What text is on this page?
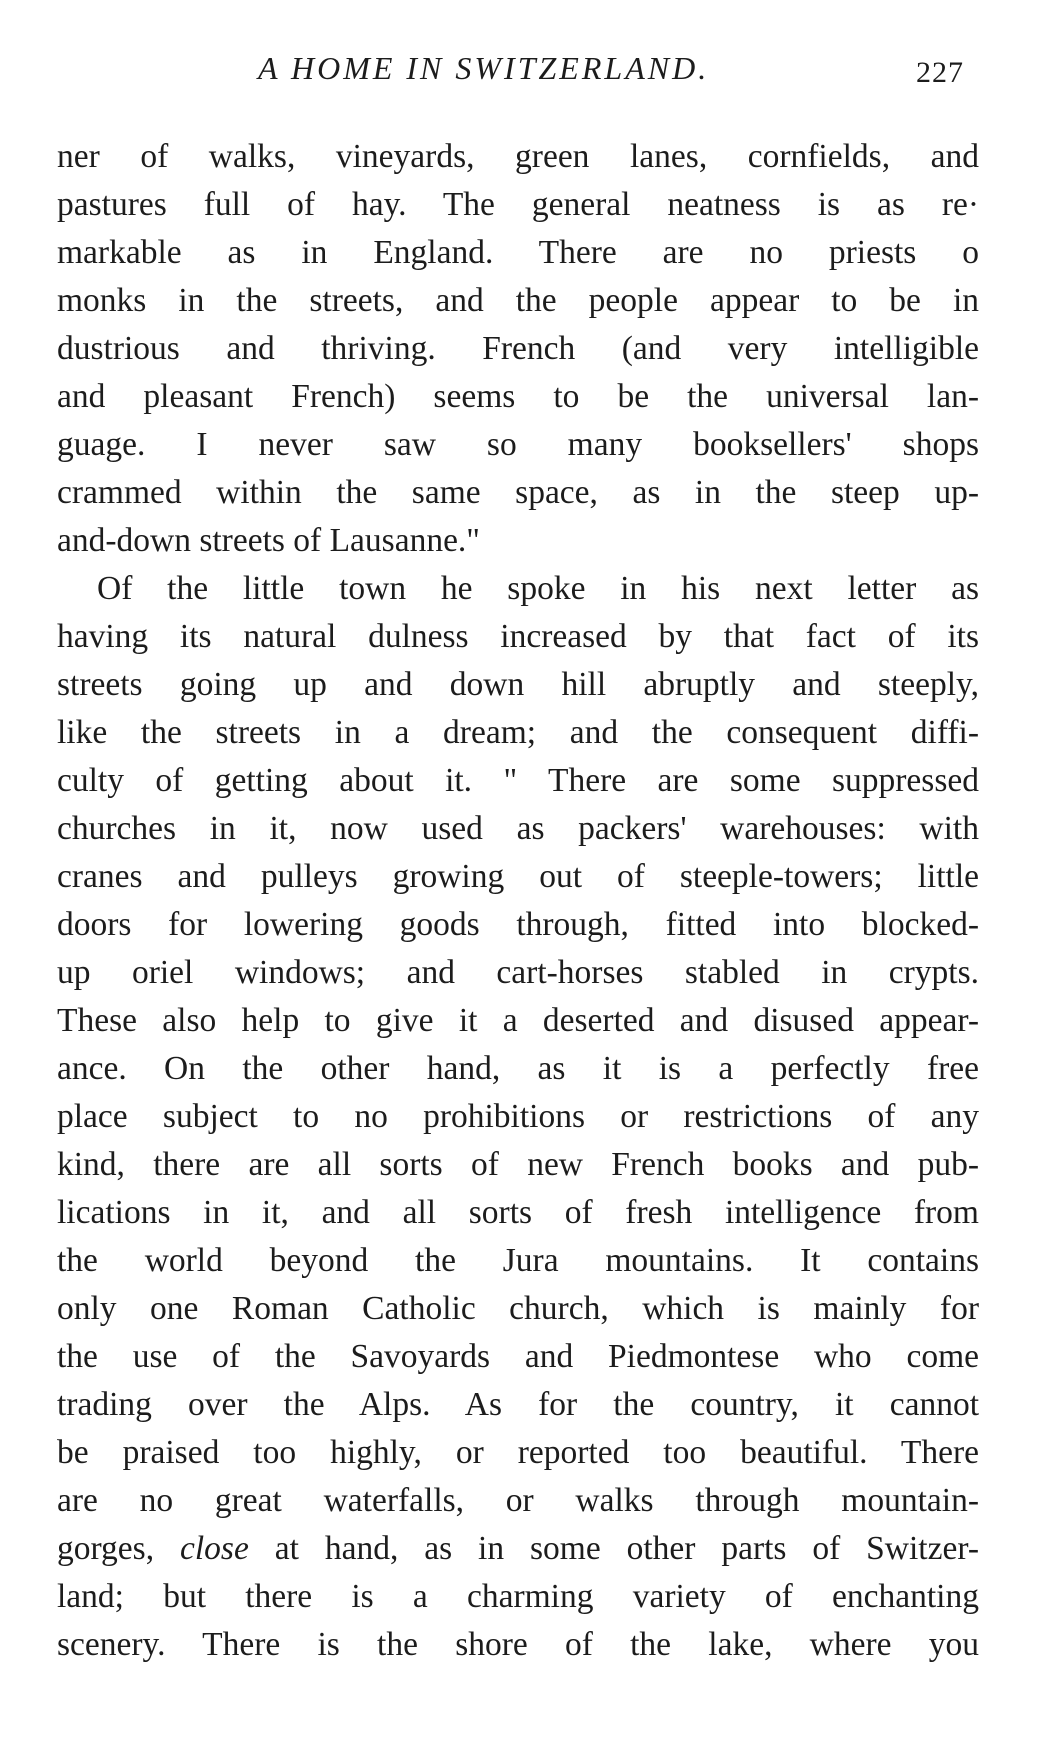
A HOME IN SWITZERLAND.	227
ner of walks, vineyards, green lanes, cornfields, and
pastures full of hay. The general neatness is as re·
markable as in England. There are no priests o
monks in the streets, and the people appear to be in
dustrious and thriving. French (and very intelligible
and pleasant French) seems to be the universal lan-
guage. I never saw so many booksellers' shops
crammed within the same space, as in the steep up-
and-down streets of Lausanne."
Of the little town he spoke in his next letter as
having its natural dulness increased by that fact of its
streets going up and down hill abruptly and steeply,
like the streets in a dream; and the consequent diffi-
culty of getting about it. " There are some suppressed
churches in it, now used as packers' warehouses: with
cranes and pulleys growing out of steeple-towers; little
doors for lowering goods through, fitted into blocked-
up oriel windows; and cart-horses stabled in crypts.
These also help to give it a deserted and disused appear-
ance. On the other hand, as it is a perfectly free
place subject to no prohibitions or restrictions of any
kind, there are all sorts of new French books and pub-
lications in it, and all sorts of fresh intelligence from
the world beyond the Jura mountains. It contains
only one Roman Catholic church, which is mainly for
the use of the Savoyards and Piedmontese who come
trading over the Alps. As for the country, it cannot
be praised too highly, or reported too beautiful. There
are no great waterfalls, or walks through mountain-
gorges, close at hand, as in some other parts of Switzer-
land; but there is a charming variety of enchanting
scenery. There is the shore of the lake, where you
